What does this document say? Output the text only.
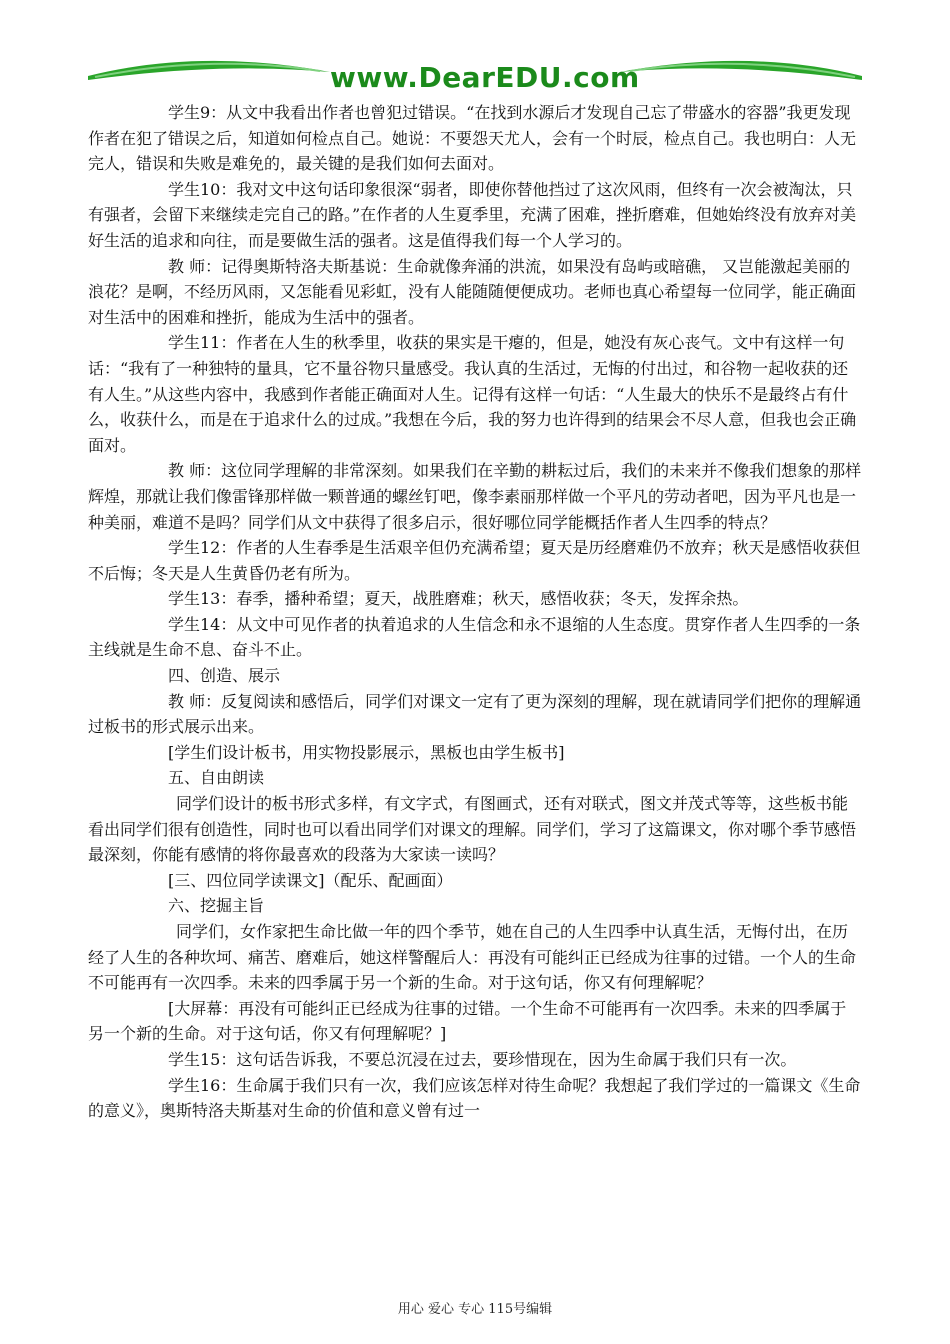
www.DearEDU.com

学生9：从文中我看出作者也曾犯过错误。“在找到水源后才发现自己忘了带盛水的容器”我更发现作者在犯了错误之后，知道如何检点自己。她说：不要怨天尤人，会有一个时辰，检点自己。我也明白：人无完人，错误和失败是难免的，最关键的是我们如何去面对。

学生10：我对文中这句话印象很深“弱者，即使你替他挡过了这次风雨，但终有一次会被淘汰，只有强者，会留下来继续走完自己的路。”在作者的人生夏季里，充满了困难，挫折磨难，但她始终没有放弃对美好生活的追求和向往，而是要做生活的强者。这是值得我们每一个人学习的。

教 师：记得奥斯特洛夫斯基说：生命就像奔涌的洪流，如果没有岛屿或暗礁， 又岂能激起美丽的浪花？是啊，不经历风雨，又怎能看见彩虹，没有人能随随便便成功。老师也真心希望每一位同学，能正确面对生活中的困难和挫折，能成为生活中的强者。

学生11：作者在人生的秋季里，收获的果实是干瘪的，但是，她没有灰心丧气。文中有这样一句话：“我有了一种独特的量具，它不量谷物只量感受。我认真的生活过，无悔的付出过，和谷物一起收获的还有人生。”从这些内容中，我感到作者能正确面对人生。记得有这样一句话：“人生最大的快乐不是最终占有什么，收获什么，而是在于追求什么的过成。”我想在今后，我的努力也许得到的结果会不尽人意，但我也会正确面对。

教 师：这位同学理解的非常深刻。如果我们在辛勤的耕耘过后，我们的未来并不像我们想象的那样辉煌，那就让我们像雷锋那样做一颗普通的螺丝钉吧，像李素丽那样做一个平凡的劳动者吧，因为平凡也是一种美丽，难道不是吗？同学们从文中获得了很多启示，很好哪位同学能概括作者人生四季的特点？

学生12：作者的人生春季是生活艰辛但仍充满希望；夏天是历经磨难仍不放弃；秋天是感悟收获但不后悔；冬天是人生黄昏仍老有所为。

学生13：春季，播种希望；夏天，战胜磨难；秋天，感悟收获；冬天，发挥余热。

学生14：从文中可见作者的执着追求的人生信念和永不退缩的人生态度。贯穿作者人生四季的一条主线就是生命不息、奋斗不止。

四、创造、展示

教 师：反复阅读和感悟后，同学们对课文一定有了更为深刻的理解，现在就请同学们把你的理解通过板书的形式展示出来。

[学生们设计板书，用实物投影展示，黑板也由学生板书]

五、自由朗读

同学们设计的板书形式多样，有文字式，有图画式，还有对联式，图文并茂式等等，这些板书能看出同学们很有创造性，同时也可以看出同学们对课文的理解。同学们，学习了这篇课文，你对哪个季节感悟最深刻，你能有感情的将你最喜欢的段落为大家读一读吗？

[三、四位同学读课文]（配乐、配画面）

六、挖掘主旨

同学们，女作家把生命比做一年的四个季节，她在自己的人生四季中认真生活，无悔付出，在历经了人生的各种坎坷、痛苦、磨难后，她这样警醒后人：再没有可能纠正已经成为往事的过错。一个人的生命不可能再有一次四季。未来的四季属于另一个新的生命。对于这句话，你又有何理解呢？

[大屏幕：再没有可能纠正已经成为往事的过错。一个生命不可能再有一次四季。未来的四季属于另一个新的生命。对于这句话，你又有何理解呢？]

学生15：这句话告诉我，不要总沉浸在过去，要珍惜现在，因为生命属于我们只有一次。

学生16：生命属于我们只有一次，我们应该怎样对待生命呢？我想起了我们学过的一篇课文《生命的意义》，奥斯特洛夫斯基对生命的价值和意义曾有过一

用心 爱心 专心 115号编辑
